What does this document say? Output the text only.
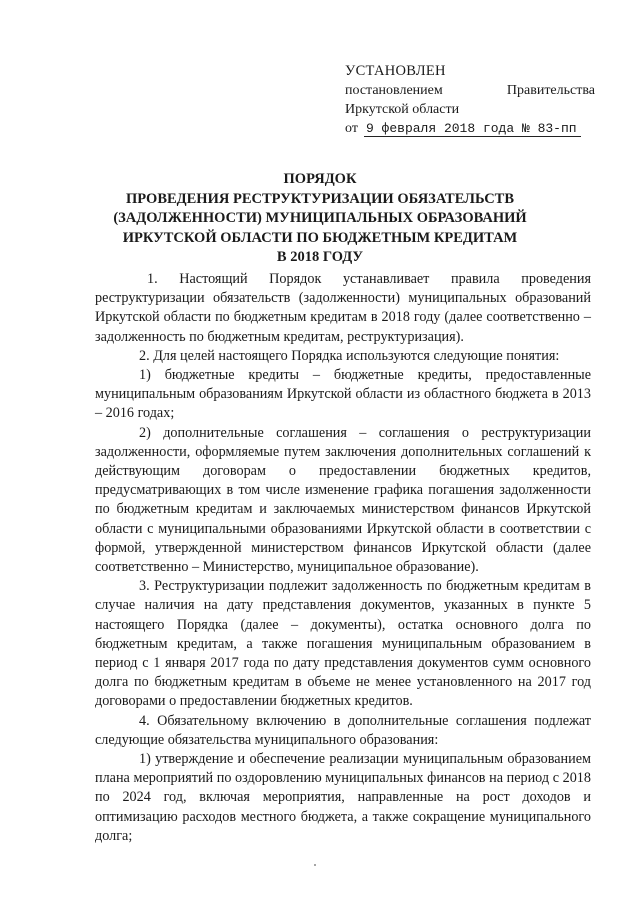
УСТАНОВЛЕН
постановлением	Правительства
Иркутской области
от 9 февраля 2018 года № 83-пп
ПОРЯДОК
ПРОВЕДЕНИЯ РЕСТРУКТУРИЗАЦИИ ОБЯЗАТЕЛЬСТВ
(ЗАДОЛЖЕННОСТИ) МУНИЦИПАЛЬНЫХ ОБРАЗОВАНИЙ
ИРКУТСКОЙ ОБЛАСТИ ПО БЮДЖЕТНЫМ КРЕДИТАМ
В 2018 ГОДУ

1. Настоящий Порядок устанавливает правила проведения реструктуризации обязательств (задолженности) муниципальных образований Иркутской области по бюджетным кредитам в 2018 году (далее соответственно – задолженность по бюджетным кредитам, реструктуризация).

2. Для целей настоящего Порядка используются следующие понятия:

1) бюджетные кредиты – бюджетные кредиты, предоставленные муниципальным образованиям Иркутской области из областного бюджета в 2013 – 2016 годах;

2) дополнительные соглашения – соглашения о реструктуризации задолженности, оформляемые путем заключения дополнительных соглашений к действующим договорам о предоставлении бюджетных кредитов, предусматривающих в том числе изменение графика погашения задолженности по бюджетным кредитам и заключаемых министерством финансов Иркутской области с муниципальными образованиями Иркутской области в соответствии с формой, утвержденной министерством финансов Иркутской области (далее соответственно – Министерство, муниципальное образование).

3. Реструктуризации подлежит задолженность по бюджетным кредитам в случае наличия на дату представления документов, указанных в пункте 5 настоящего Порядка (далее – документы), остатка основного долга по бюджетным кредитам, а также погашения муниципальным образованием в период с 1 января 2017 года по дату представления документов сумм основного долга по бюджетным кредитам в объеме не менее установленного на 2017 год договорами о предоставлении бюджетных кредитов.

4. Обязательному включению в дополнительные соглашения подлежат следующие обязательства муниципального образования:

1) утверждение и обеспечение реализации муниципальным образованием плана мероприятий по оздоровлению муниципальных финансов на период с 2018 по 2024 год, включая мероприятия, направленные на рост доходов и оптимизацию расходов местного бюджета, а также сокращение муниципального долга;
